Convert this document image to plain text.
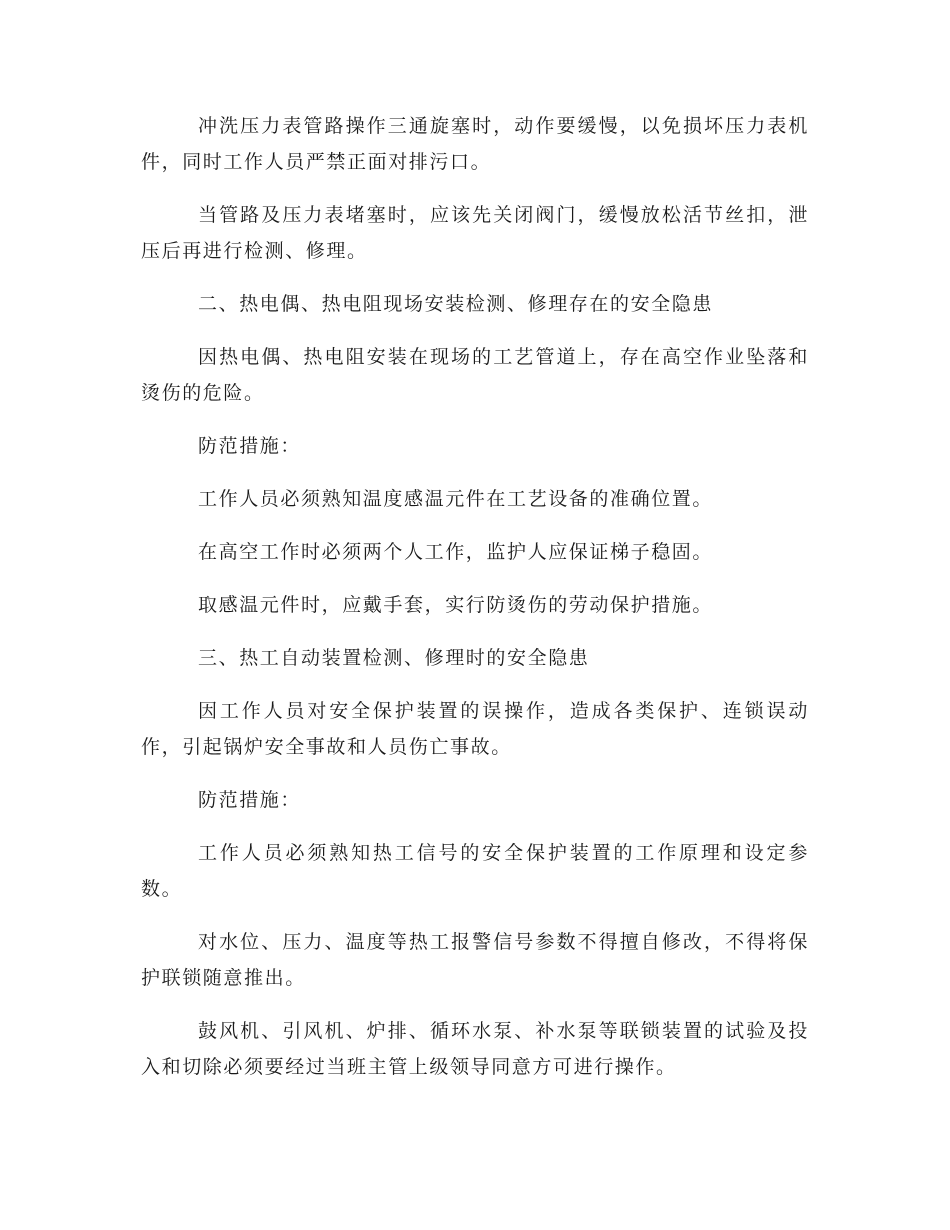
冲洗压力表管路操作三通旋塞时，动作要缓慢，以免损坏压力表机件，同时工作人员严禁正面对排污口。

当管路及压力表堵塞时，应该先关闭阀门，缓慢放松活节丝扣，泄压后再进行检测、修理。

二、热电偶、热电阻现场安装检测、修理存在的安全隐患

因热电偶、热电阻安装在现场的工艺管道上，存在高空作业坠落和烫伤的危险。

防范措施：

工作人员必须熟知温度感温元件在工艺设备的准确位置。

在高空工作时必须两个人工作，监护人应保证梯子稳固。

取感温元件时，应戴手套，实行防烫伤的劳动保护措施。

三、热工自动装置检测、修理时的安全隐患

因工作人员对安全保护装置的误操作，造成各类保护、连锁误动作，引起锅炉安全事故和人员伤亡事故。

防范措施：

工作人员必须熟知热工信号的安全保护装置的工作原理和设定参数。

对水位、压力、温度等热工报警信号参数不得擅自修改，不得将保护联锁随意推出。

鼓风机、引风机、炉排、循环水泵、补水泵等联锁装置的试验及投入和切除必须要经过当班主管上级领导同意方可进行操作。
